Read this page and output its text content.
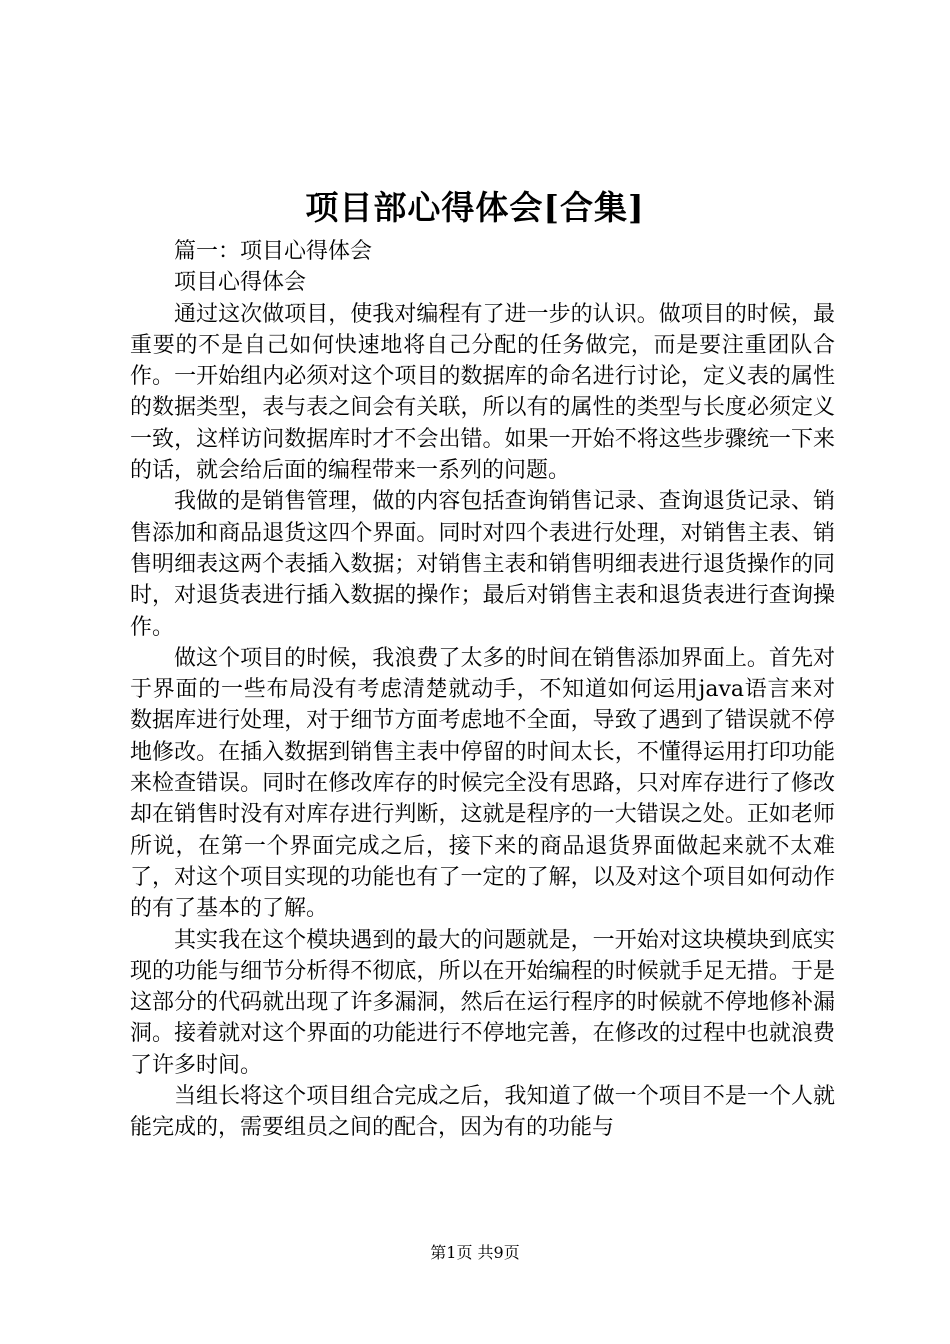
项目部心得体会[合集]

篇一：项目心得体会

项目心得体会

通过这次做项目，使我对编程有了进一步的认识。做项目的时候，最重要的不是自己如何快速地将自己分配的任务做完，而是要注重团队合作。一开始组内必须对这个项目的数据库的命名进行讨论，定义表的属性的数据类型，表与表之间会有关联，所以有的属性的类型与长度必须定义一致，这样访问数据库时才不会出错。如果一开始不将这些步骤统一下来的话，就会给后面的编程带来一系列的问题。

我做的是销售管理，做的内容包括查询销售记录、查询退货记录、销售添加和商品退货这四个界面。同时对四个表进行处理，对销售主表、销售明细表这两个表插入数据；对销售主表和销售明细表进行退货操作的同时，对退货表进行插入数据的操作；最后对销售主表和退货表进行查询操作。

做这个项目的时候，我浪费了太多的时间在销售添加界面上。首先对于界面的一些布局没有考虑清楚就动手，不知道如何运用java语言来对数据库进行处理，对于细节方面考虑地不全面，导致了遇到了错误就不停地修改。在插入数据到销售主表中停留的时间太长，不懂得运用打印功能来检查错误。同时在修改库存的时候完全没有思路，只对库存进行了修改却在销售时没有对库存进行判断，这就是程序的一大错误之处。正如老师所说，在第一个界面完成之后，接下来的商品退货界面做起来就不太难了，对这个项目实现的功能也有了一定的了解，以及对这个项目如何动作的有了基本的了解。

其实我在这个模块遇到的最大的问题就是，一开始对这块模块到底实现的功能与细节分析得不彻底，所以在开始编程的时候就手足无措。于是这部分的代码就出现了许多漏洞，然后在运行程序的时候就不停地修补漏洞。接着就对这个界面的功能进行不停地完善，在修改的过程中也就浪费了许多时间。

当组长将这个项目组合完成之后，我知道了做一个项目不是一个人就能完成的，需要组员之间的配合，因为有的功能与

第1页 共9页
